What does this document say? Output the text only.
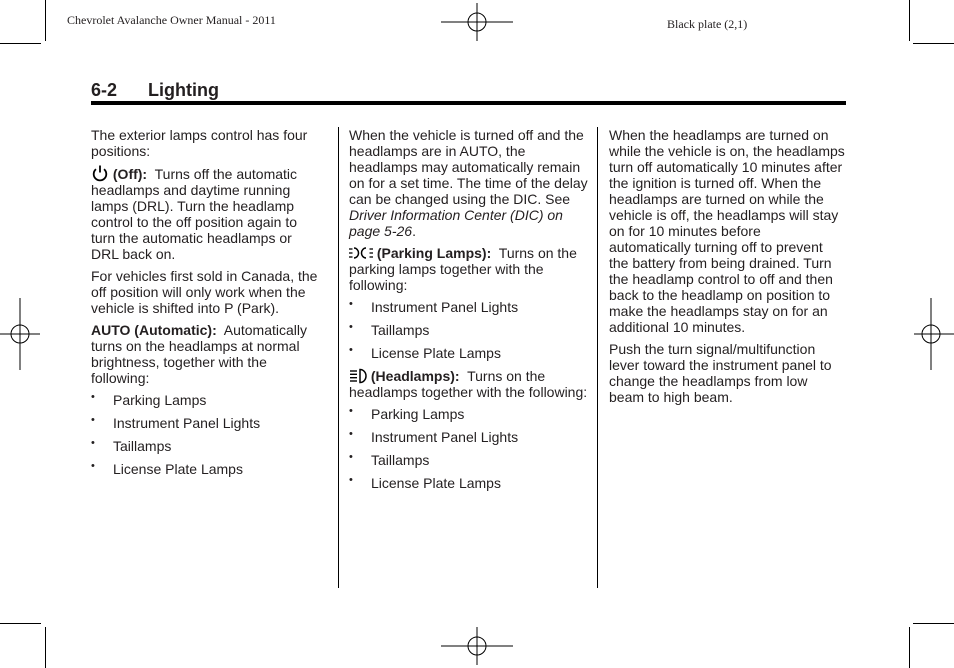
Chevrolet Avalanche Owner Manual - 2011	Black plate (2,1)
6-2 Lighting

The exterior lamps control has four positions:

(Off): Turns off the automatic headlamps and daytime running lamps (DRL). Turn the headlamp control to the off position again to turn the automatic headlamps or DRL back on.

For vehicles first sold in Canada, the off position will only work when the vehicle is shifted into P (Park).

AUTO (Automatic): Automatically turns on the headlamps at normal brightness, together with the following:

• Parking Lamps
• Instrument Panel Lights
• Taillamps
• License Plate Lamps

When the vehicle is turned off and the headlamps are in AUTO, the headlamps may automatically remain on for a set time. The time of the delay can be changed using the DIC. See Driver Information Center (DIC) on page 5-26.

(Parking Lamps): Turns on the parking lamps together with the following:

• Instrument Panel Lights
• Taillamps
• License Plate Lamps

(Headlamps): Turns on the headlamps together with the following:

• Parking Lamps
• Instrument Panel Lights
• Taillamps
• License Plate Lamps

When the headlamps are turned on while the vehicle is on, the headlamps turn off automatically 10 minutes after the ignition is turned off. When the headlamps are turned on while the vehicle is off, the headlamps will stay on for 10 minutes before automatically turning off to prevent the battery from being drained. Turn the headlamp control to off and then back to the headlamp on position to make the headlamps stay on for an additional 10 minutes.

Push the turn signal/multifunction lever toward the instrument panel to change the headlamps from low beam to high beam.
